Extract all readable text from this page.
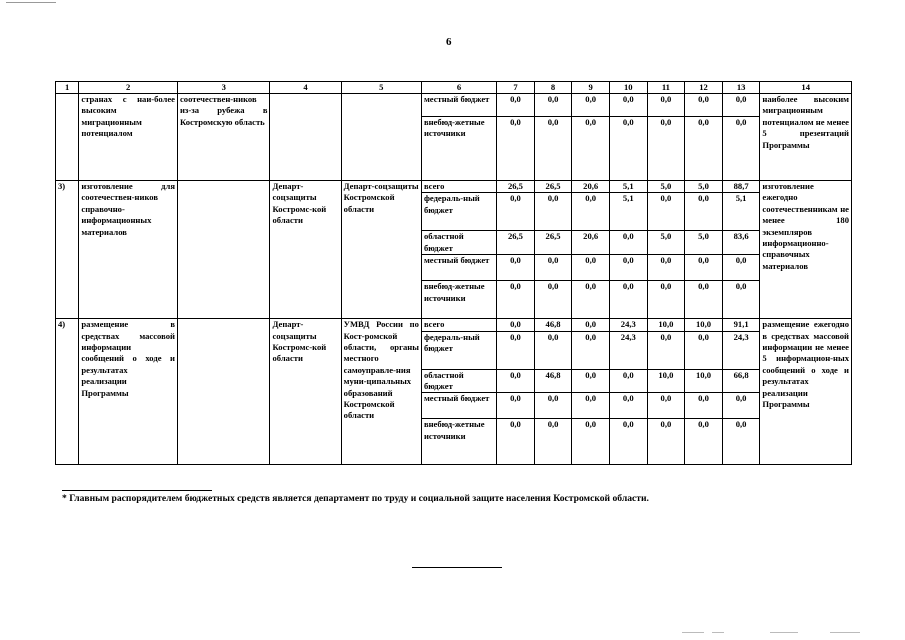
6
1	2	3	4	5	6	7	8	9	10	11	12	13	14
	странах с наи-более высоким миграционным потенциалом	соотечествен-ников из-за рубежа в Костромскую область			местный бюджет	0,0	0,0	0,0	0,0	0,0	0,0	0,0	наиболее высоким миграционным потенциалом не менее 5 презентаций Программы
					внебюд-жетные источники	0,0	0,0	0,0	0,0	0,0	0,0	0,0	
3)	изготовление для соотечествен-ников справочно-информационных материалов		Департ-соцзащиты Костромс-кой области	Департ-соцзащиты Костромской области	всего	26,5	26,5	20,6	5,1	5,0	5,0	88,7	изготовление ежегодно соотечественникам не менее 180 экземпляров информационно-справочных материалов
					федераль-ный бюджет	0,0	0,0	0,0	5,1	0,0	0,0	5,1	
					областной бюджет	26,5	26,5	20,6	0,0	5,0	5,0	83,6	
					местный бюджет	0,0	0,0	0,0	0,0	0,0	0,0	0,0	
					внебюд-жетные источники	0,0	0,0	0,0	0,0	0,0	0,0	0,0	
4)	размещение в средствах массовой информации сообщений о ходе и результатах реализации Программы		Департ-соцзащиты Костромс-кой области	УМВД России по Кост-ромской области, органы местного самоуправле-ния муни-ципальных образований Костромской области	всего	0,0	46,8	0,0	24,3	10,0	10,0	91,1	размещение ежегодно в средствах массовой информации не менее 5 информацион-ных сообщений о ходе и результатах реализации Программы
					федераль-ный бюджет	0,0	0,0	0,0	24,3	0,0	0,0	24,3	
					областной бюджет	0,0	46,8	0,0	0,0	10,0	10,0	66,8	
					местный бюджет	0,0	0,0	0,0	0,0	0,0	0,0	0,0	
					внебюд-жетные источники	0,0	0,0	0,0	0,0	0,0	0,0	0,0	
* Главным распорядителем бюджетных средств является департамент по труду и социальной защите населения Костромской области.
